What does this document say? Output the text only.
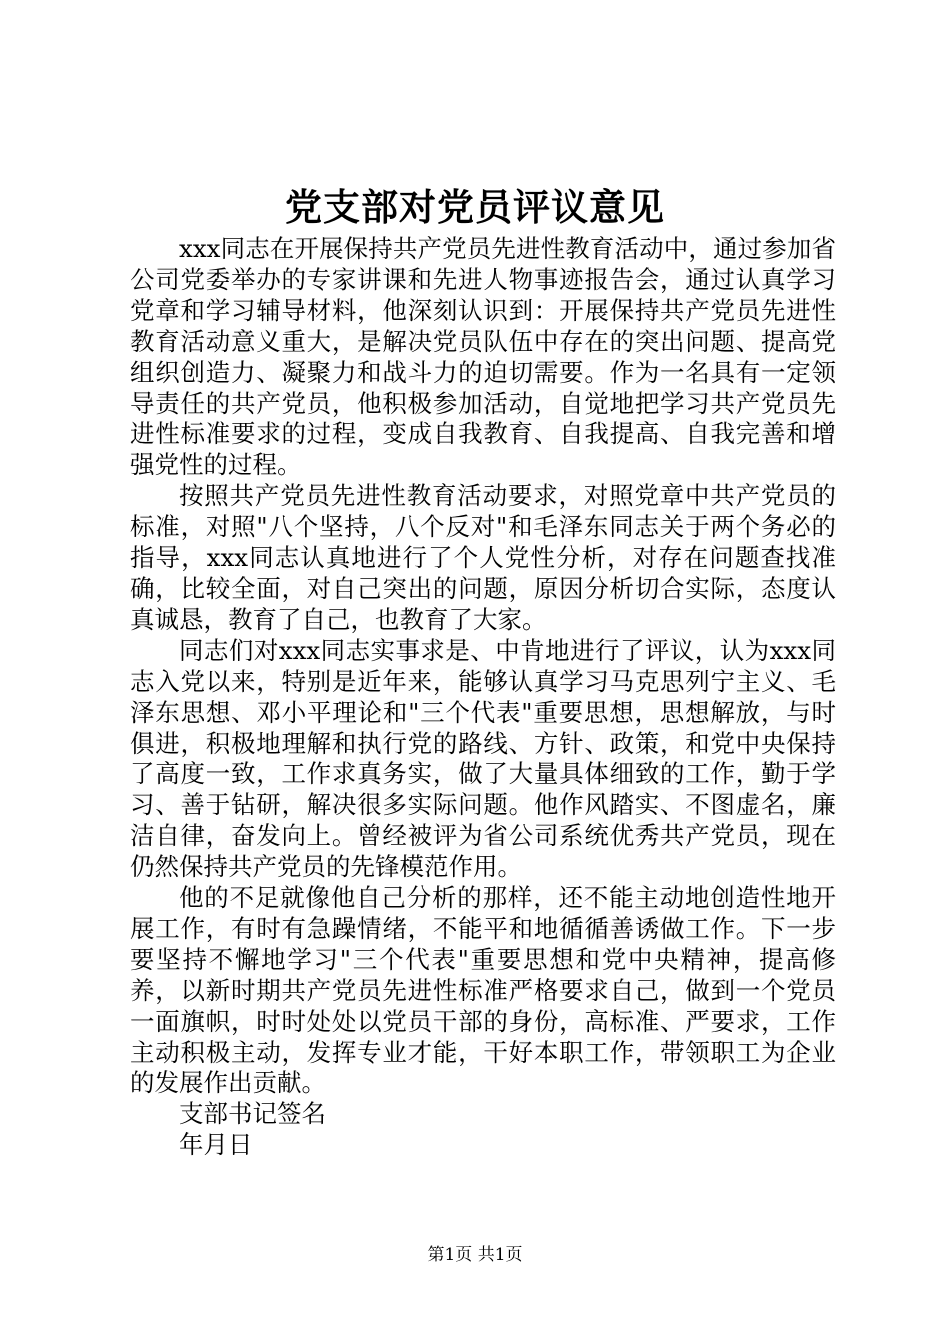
党支部对党员评议意见

xxx同志在开展保持共产党员先进性教育活动中，通过参加省公司党委举办的专家讲课和先进人物事迹报告会，通过认真学习党章和学习辅导材料，他深刻认识到：开展保持共产党员先进性教育活动意义重大，是解决党员队伍中存在的突出问题、提高党组织创造力、凝聚力和战斗力的迫切需要。作为一名具有一定领导责任的共产党员，他积极参加活动，自觉地把学习共产党员先进性标准要求的过程，变成自我教育、自我提高、自我完善和增强党性的过程。

按照共产党员先进性教育活动要求，对照党章中共产党员的标准，对照"八个坚持，八个反对"和毛泽东同志关于两个务必的指导，xxx同志认真地进行了个人党性分析，对存在问题查找准确，比较全面，对自己突出的问题，原因分析切合实际，态度认真诚恳，教育了自己，也教育了大家。

同志们对xxx同志实事求是、中肯地进行了评议，认为xxx同志入党以来，特别是近年来，能够认真学习马克思列宁主义、毛泽东思想、邓小平理论和"三个代表"重要思想，思想解放，与时俱进，积极地理解和执行党的路线、方针、政策，和党中央保持了高度一致，工作求真务实，做了大量具体细致的工作，勤于学习、善于钻研，解决很多实际问题。他作风踏实、不图虚名，廉洁自律，奋发向上。曾经被评为省公司系统优秀共产党员，现在仍然保持共产党员的先锋模范作用。

他的不足就像他自己分析的那样，还不能主动地创造性地开展工作，有时有急躁情绪，不能平和地循循善诱做工作。下一步要坚持不懈地学习"三个代表"重要思想和党中央精神，提高修养，以新时期共产党员先进性标准严格要求自己，做到一个党员一面旗帜，时时处处以党员干部的身份，高标准、严要求，工作主动积极主动，发挥专业才能，干好本职工作，带领职工为企业的发展作出贡献。

支部书记签名

年月日

第1页 共1页
